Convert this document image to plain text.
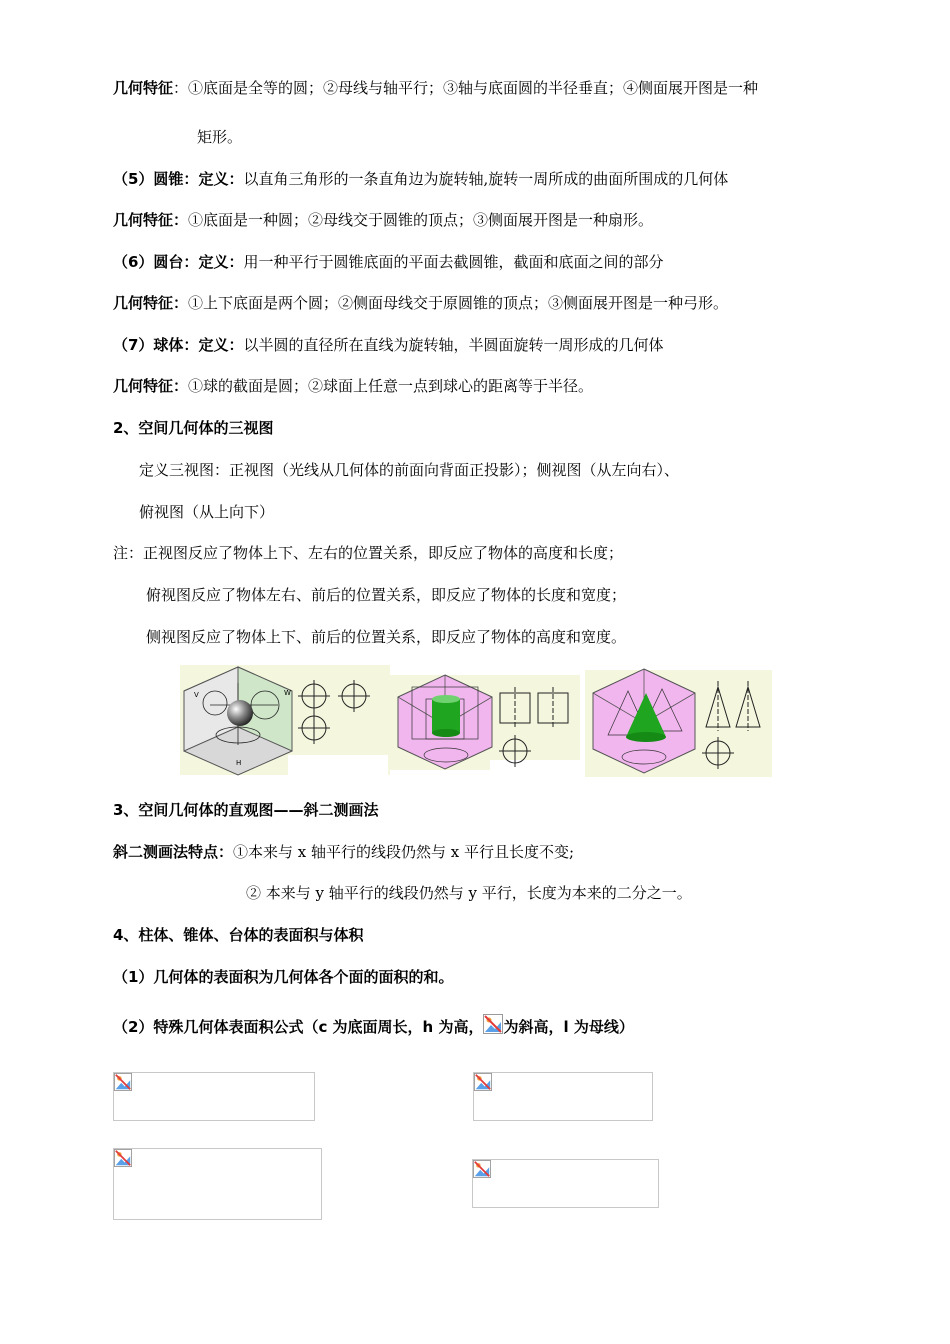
几何特征：①底面是全等的圆；②母线与轴平行；③轴与底面圆的半径垂直；④侧面展开图是一种
矩形。
（5）圆锥：定义：以直角三角形的一条直角边为旋转轴,旋转一周所成的曲面所围成的几何体
几何特征：①底面是一种圆；②母线交于圆锥的顶点；③侧面展开图是一种扇形。
（6）圆台：定义：用一种平行于圆锥底面的平面去截圆锥，截面和底面之间的部分
几何特征：①上下底面是两个圆；②侧面母线交于原圆锥的顶点；③侧面展开图是一种弓形。
（7）球体：定义：以半圆的直径所在直线为旋转轴，半圆面旋转一周形成的几何体
几何特征：①球的截面是圆；②球面上任意一点到球心的距离等于半径。
2、空间几何体的三视图
定义三视图：正视图（光线从几何体的前面向背面正投影）；侧视图（从左向右）、
俯视图（从上向下）
注：正视图反应了物体上下、左右的位置关系，即反应了物体的高度和长度；
俯视图反应了物体左右、前后的位置关系，即反应了物体的长度和宽度；
侧视图反应了物体上下、前后的位置关系，即反应了物体的高度和宽度。
V	W
H
3、空间几何体的直观图——斜二测画法
斜二测画法特点：①本来与 x 轴平行的线段仍然与 x 平行且长度不变;
② 本来与 y 轴平行的线段仍然与 y 平行，长度为本来的二分之一。
4、柱体、锥体、台体的表面积与体积
（1）几何体的表面积为几何体各个面的面积的和。
（2）特殊几何体表面积公式（c 为底面周长，h 为高， 为斜高，l 为母线）
